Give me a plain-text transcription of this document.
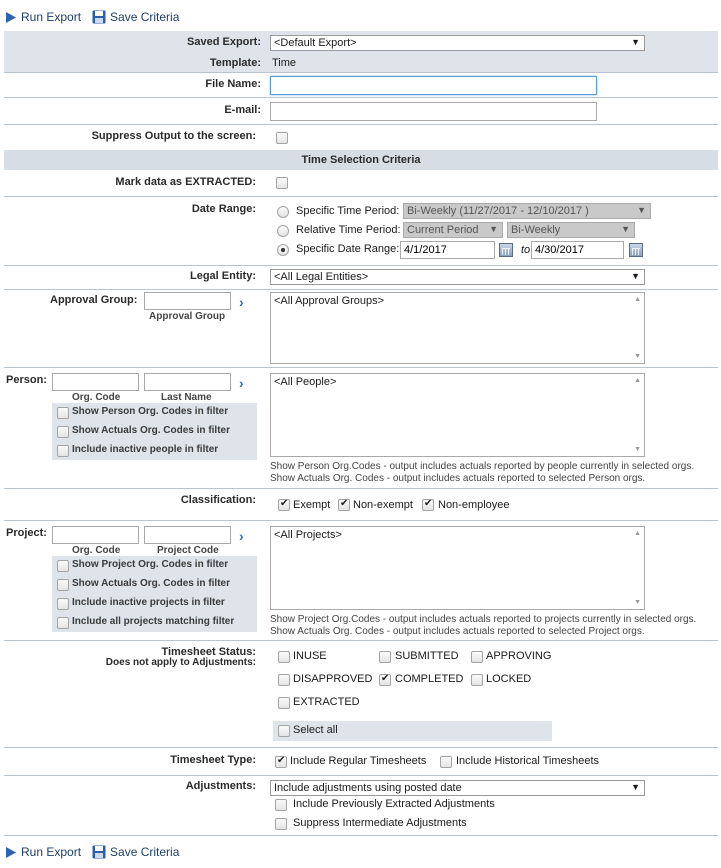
Run Export Save Criteria
Saved Export:	<Default Export>	▼
Template: Time
File Name:
E-mail:
Suppress Output to the screen:
Time Selection Criteria
Mark data as EXTRACTED:
Date Range:	Specific Time Period: Bi-Weekly (11/27/2017 - 12/10/2017 )	▼
Relative Time Period: Current Period ▼	Bi-Weekly	▼
Specific Date Range:
4/1/2017	to
4/30/2017
Legal Entity:	<All Legal Entities>	▼
Approval Group:
Approval Group
›	<All Approval Groups>	▲
▼
Person:
Org. Code	Last Name
›
Show Person Org. Codes in filter
Show Actuals Org. Codes in filter
Include inactive people in filter
<All People>	▲
▼
Show Person Org.Codes - output includes actuals reported by people currently in selected orgs.
Show Actuals Org. Codes - output includes actuals reported to selected Person orgs.
Classification: ✔	Exempt ✔ Non-exempt ✔ Non-employee
Project:
Org. Code	Project Code
›
Show Project Org. Codes in filter
Show Actuals Org. Codes in filter
Include inactive projects in filter
Include all projects matching filter
<All Projects>	▲
▼
Show Project Org.Codes - output includes actuals reported to projects currently in selected orgs.
Show Actuals Org. Codes - output includes actuals reported to selected Project orgs.
Timesheet Status:
Does not apply to Adjustments:
INUSE	SUBMITTED APPROVING
DISAPPROVED ✔ COMPLETED LOCKED
EXTRACTED
Select all
Timesheet Type: ✔	Include Regular Timesheets	Include Historical Timesheets
Adjustments:	Include adjustments using posted date	▼
Include Previously Extracted Adjustments
Suppress Intermediate Adjustments
Run Export Save Criteria
